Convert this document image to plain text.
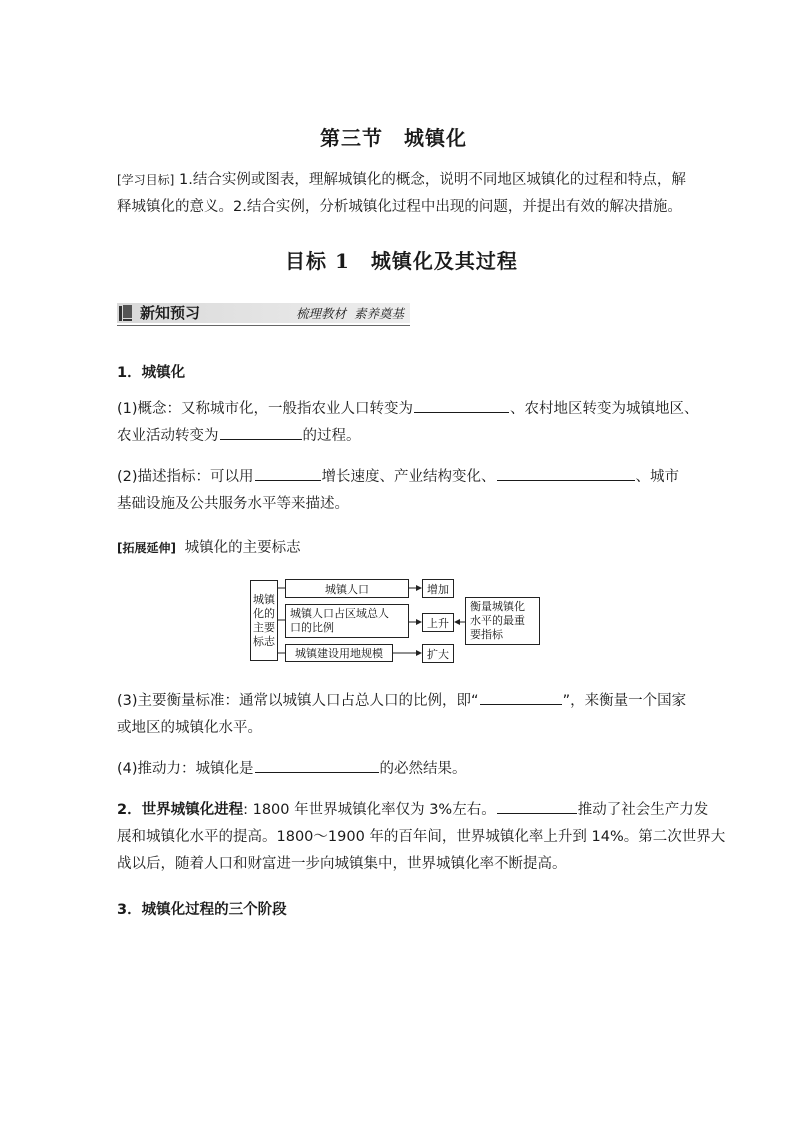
第三节　城镇化
[学习目标] 1.结合实例或图表，理解城镇化的概念，说明不同地区城镇化的过程和特点，解
释城镇化的意义。2.结合实例，分析城镇化过程中出现的问题，并提出有效的解决措施。
目标 1　城镇化及其过程
新知预习	梳理教材  素养奠基
1．城镇化
(1)概念：又称城市化，一般指农业人口转变为	、农村地区转变为城镇地区、
农业活动转变为	的过程。
(2)描述指标：可以用	增长速度、产业结构变化、	、城市
基础设施及公共服务水平等来描述。
[拓展延伸] 城镇化的主要标志
城镇
化的
主要
标志
城镇人口
城镇人口占区域总人
口的比例
城镇建设用地规模
增加
上升
扩大
衡量城镇化
水平的最重
要指标
(3)主要衡量标准：通常以城镇人口占总人口的比例，即“	”，来衡量一个国家
或地区的城镇化水平。
(4)推动力：城镇化是	的必然结果。
2．世界城镇化进程: 1800 年世界城镇化率仅为 3%左右。	推动了社会生产力发
展和城镇化水平的提高。1800～1900 年的百年间，世界城镇化率上升到 14%。第二次世界大
战以后，随着人口和财富进一步向城镇集中，世界城镇化率不断提高。
3．城镇化过程的三个阶段
